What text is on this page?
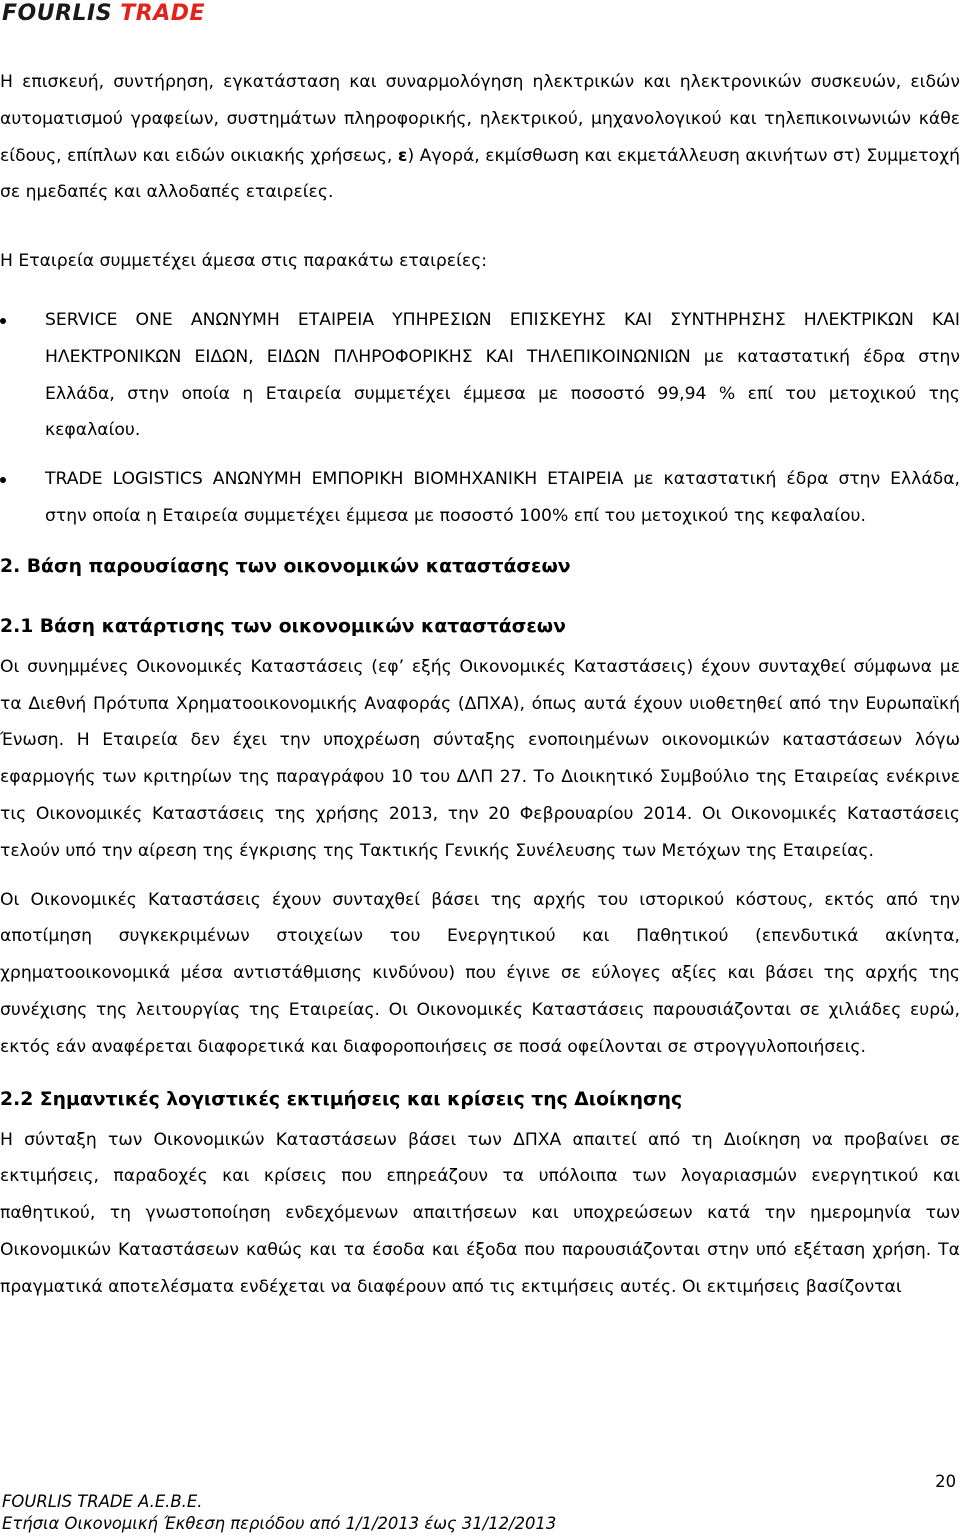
FOURLIS TRADE

Η επισκευή, συντήρηση, εγκατάσταση και συναρμολόγηση ηλεκτρικών και ηλεκτρονικών συσκευών, ειδών αυτοματισμού γραφείων, συστημάτων πληροφορικής, ηλεκτρικού, μηχανολογικού και τηλεπικοινωνιών κάθε είδους, επίπλων και ειδών οικιακής χρήσεως, ε) Αγορά, εκμίσθωση και εκμετάλλευση ακινήτων στ) Συμμετοχή σε ημεδαπές και αλλοδαπές εταιρείες.

Η Εταιρεία συμμετέχει άμεσα στις παρακάτω εταιρείες:

SERVICE ONE ΑΝΩΝΥΜΗ ΕΤΑΙΡΕΙΑ ΥΠΗΡΕΣΙΩΝ ΕΠΙΣΚΕΥΗΣ ΚΑΙ ΣΥΝΤΗΡΗΣΗΣ ΗΛΕΚΤΡΙΚΩΝ ΚΑΙ ΗΛΕΚΤΡΟΝΙΚΩΝ ΕΙΔΩΝ, ΕΙΔΩΝ ΠΛΗΡΟΦΟΡΙΚΗΣ ΚΑΙ ΤΗΛΕΠΙΚΟΙΝΩΝΙΩΝ με καταστατική έδρα στην Ελλάδα, στην οποία η Εταιρεία συμμετέχει έμμεσα με ποσοστό 99,94 % επί του μετοχικού της κεφαλαίου.
TRADE LOGISTICS ΑΝΩΝΥΜΗ ΕΜΠΟΡΙΚΗ ΒΙΟΜΗΧΑΝΙΚΗ ΕΤΑΙΡΕΙΑ με καταστατική έδρα στην Ελλάδα, στην οποία η Εταιρεία συμμετέχει έμμεσα με ποσοστό 100% επί του μετοχικού της κεφαλαίου.
2. Βάση παρουσίασης των οικονομικών καταστάσεων
2.1 Βάση κατάρτισης των οικονομικών καταστάσεων

Οι συνημμένες Οικονομικές Καταστάσεις (εφ’ εξής Οικονομικές Καταστάσεις) έχουν συνταχθεί σύμφωνα με τα Διεθνή Πρότυπα Χρηματοοικονομικής Αναφοράς (ΔΠΧΑ), όπως αυτά έχουν υιοθετηθεί από την Ευρωπαϊκή Ένωση. Η Εταιρεία δεν έχει την υποχρέωση σύνταξης ενοποιημένων οικονομικών καταστάσεων λόγω εφαρμογής των κριτηρίων της παραγράφου 10 του ΔΛΠ 27. Το Διοικητικό Συμβούλιο της Εταιρείας ενέκρινε τις Οικονομικές Καταστάσεις της χρήσης 2013, την 20 Φεβρουαρίου 2014. Οι Οικονομικές Καταστάσεις τελούν υπό την αίρεση της έγκρισης της Τακτικής Γενικής Συνέλευσης των Μετόχων της Εταιρείας.

Οι Οικονομικές Καταστάσεις έχουν συνταχθεί βάσει της αρχής του ιστορικού κόστους, εκτός από την αποτίμηση συγκεκριμένων στοιχείων του Ενεργητικού και Παθητικού (επενδυτικά ακίνητα, χρηματοοικονομικά μέσα αντιστάθμισης κινδύνου) που έγινε σε εύλογες αξίες και βάσει της αρχής της συνέχισης της λειτουργίας της Εταιρείας. Οι Οικονομικές Καταστάσεις παρουσιάζονται σε χιλιάδες ευρώ, εκτός εάν αναφέρεται διαφορετικά και διαφοροποιήσεις σε ποσά οφείλονται σε στρογγυλοποιήσεις.

2.2 Σημαντικές λογιστικές εκτιμήσεις και κρίσεις της Διοίκησης

Η σύνταξη των Οικονομικών Καταστάσεων βάσει των ΔΠΧΑ απαιτεί από τη Διοίκηση να προβαίνει σε εκτιμήσεις, παραδοχές και κρίσεις που επηρεάζουν τα υπόλοιπα των λογαριασμών ενεργητικού και παθητικού, τη γνωστοποίηση ενδεχόμενων απαιτήσεων και υποχρεώσεων κατά την ημερομηνία των Οικονομικών Καταστάσεων καθώς και τα έσοδα και έξοδα που παρουσιάζονται στην υπό εξέταση χρήση. Τα πραγματικά αποτελέσματα ενδέχεται να διαφέρουν από τις εκτιμήσεις αυτές. Οι εκτιμήσεις βασίζονται

20
FOURLIS TRADE A.E.B.E.
Ετήσια Οικονομική Έκθεση περιόδου από 1/1/2013 έως 31/12/2013
